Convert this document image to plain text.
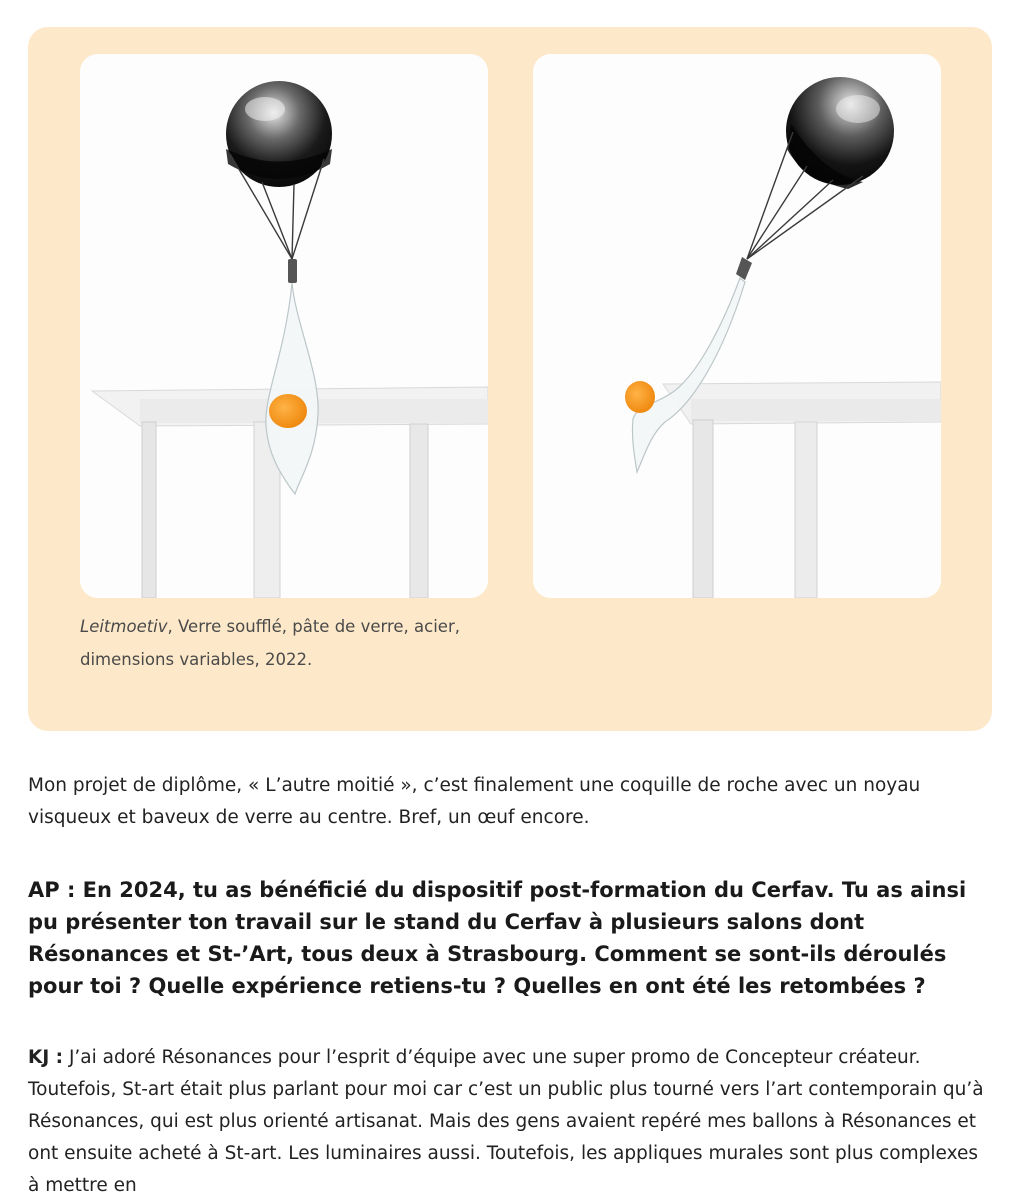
Leitmoetiv, Verre soufflé, pâte de verre, acier, dimensions variables, 2022.

Mon projet de diplôme, « L’autre moitié », c’est finalement une coquille de roche avec un noyau visqueux et baveux de verre au centre. Bref, un œuf encore.

AP : En 2024, tu as bénéficié du dispositif post-formation du Cerfav. Tu as ainsi pu présenter ton travail sur le stand du Cerfav à plusieurs salons dont Résonances et St-’Art, tous deux à Strasbourg. Comment se sont-ils déroulés pour toi ? Quelle expérience retiens-tu ? Quelles en ont été les retombées ?

KJ : J’ai adoré Résonances pour l’esprit d’équipe avec une super promo de Concepteur créateur. Toutefois, St-art était plus parlant pour moi car c’est un public plus tourné vers l’art contemporain qu’à Résonances, qui est plus orienté artisanat. Mais des gens avaient repéré mes ballons à Résonances et ont ensuite acheté à St-art. Les luminaires aussi. Toutefois, les appliques murales sont plus complexes à mettre en
